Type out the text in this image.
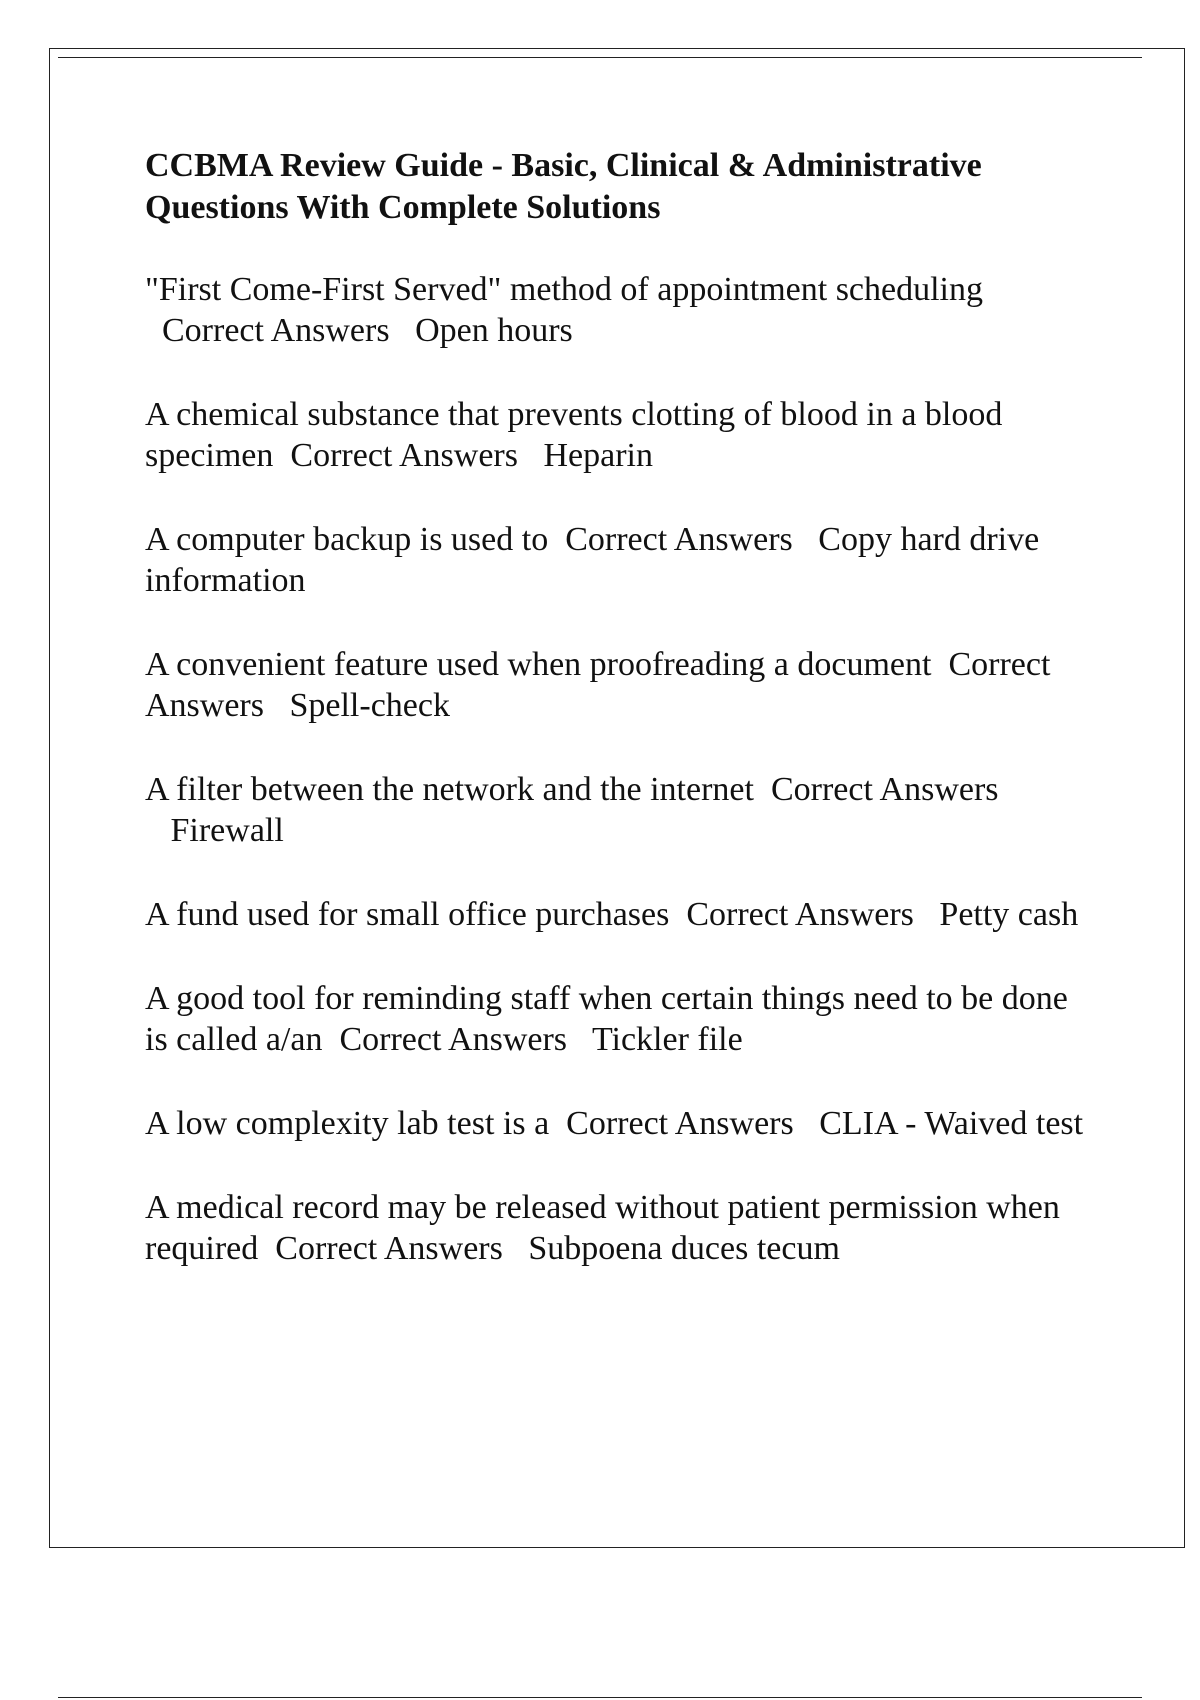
CCBMA Review Guide - Basic, Clinical & Administrative Questions With Complete Solutions
"First Come-First Served" method of appointment scheduling  Correct Answers Open hours
A chemical substance that prevents clotting of blood in a blood specimen Correct Answers Heparin
A computer backup is used to Correct Answers Copy hard drive information
A convenient feature used when proofreading a document Correct Answers Spell-check
A filter between the network and the internet Correct Answers   Firewall
A fund used for small office purchases Correct Answers Petty cash
A good tool for reminding staff when certain things need to be done is called a/an Correct Answers Tickler file
A low complexity lab test is a Correct Answers CLIA - Waived test
A medical record may be released without patient permission when required Correct Answers Subpoena duces tecum
